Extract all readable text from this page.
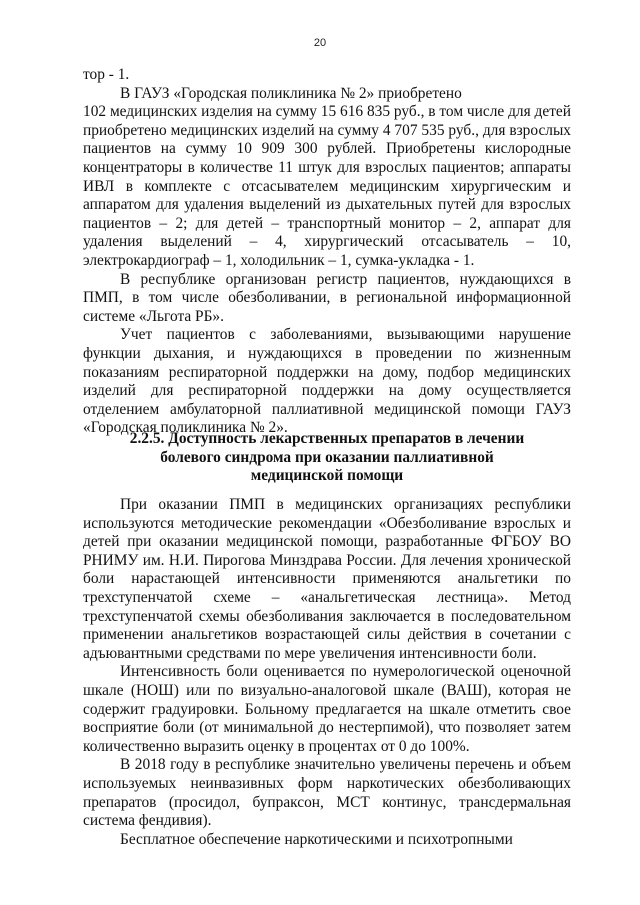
20

тор - 1.

В ГАУЗ «Городская поликлиника № 2» приобретено

102 медицинских изделия на сумму 15 616 835 руб., в том числе для детей приобретено медицинских изделий на сумму 4 707 535 руб., для взрослых пациентов на сумму 10 909 300 рублей. Приобретены кислородные концентраторы в количестве 11 штук для взрослых пациентов; аппараты ИВЛ в комплекте с отсасывателем медицинским хирургическим и аппаратом для удаления выделений из дыхательных путей для взрослых пациентов – 2; для детей – транспортный монитор – 2, аппарат для удаления выделений – 4, хирургический отсасыватель – 10, электрокардиограф – 1, холодильник – 1, сумка-укладка - 1.

В республике организован регистр пациентов, нуждающихся в ПМП, в том числе обезболивании, в региональной информационной системе «Льгота РБ».

Учет пациентов с заболеваниями, вызывающими нарушение функции дыхания, и нуждающихся в проведении по жизненным показаниям респираторной поддержки на дому, подбор медицинских изделий для респираторной поддержки на дому осуществляется отделением амбулаторной паллиативной медицинской помощи ГАУЗ «Городская поликлиника № 2».

2.2.5. Доступность лекарственных препаратов в лечении
болевого синдрома при оказании паллиативной
медицинской помощи

При оказании ПМП в медицинских организациях республики используются методические рекомендации «Обезболивание взрослых и детей при оказании медицинской помощи, разработанные ФГБОУ ВО РНИМУ им. Н.И. Пирогова Минздрава России. Для лечения хронической боли нарастающей интенсивности применяются анальгетики по трехступенчатой схеме – «анальгетическая лестница». Метод трехступенчатой схемы обезболивания заключается в последовательном применении анальгетиков возрастающей силы действия в сочетании с адъювантными средствами по мере увеличения интенсивности боли.

Интенсивность боли оценивается по нумерологической оценочной шкале (НОШ) или по визуально-аналоговой шкале (ВАШ), которая не содержит градуировки. Больному предлагается на шкале отметить свое восприятие боли (от минимальной до нестерпимой), что позволяет затем количественно выразить оценку в процентах от 0 до 100%.

В 2018 году в республике значительно увеличены перечень и объем используемых неинвазивных форм наркотических обезболивающих препаратов (просидол, бупраксон, МСТ континус, трансдермальная система фендивия).

Бесплатное обеспечение наркотическими и психотропными
